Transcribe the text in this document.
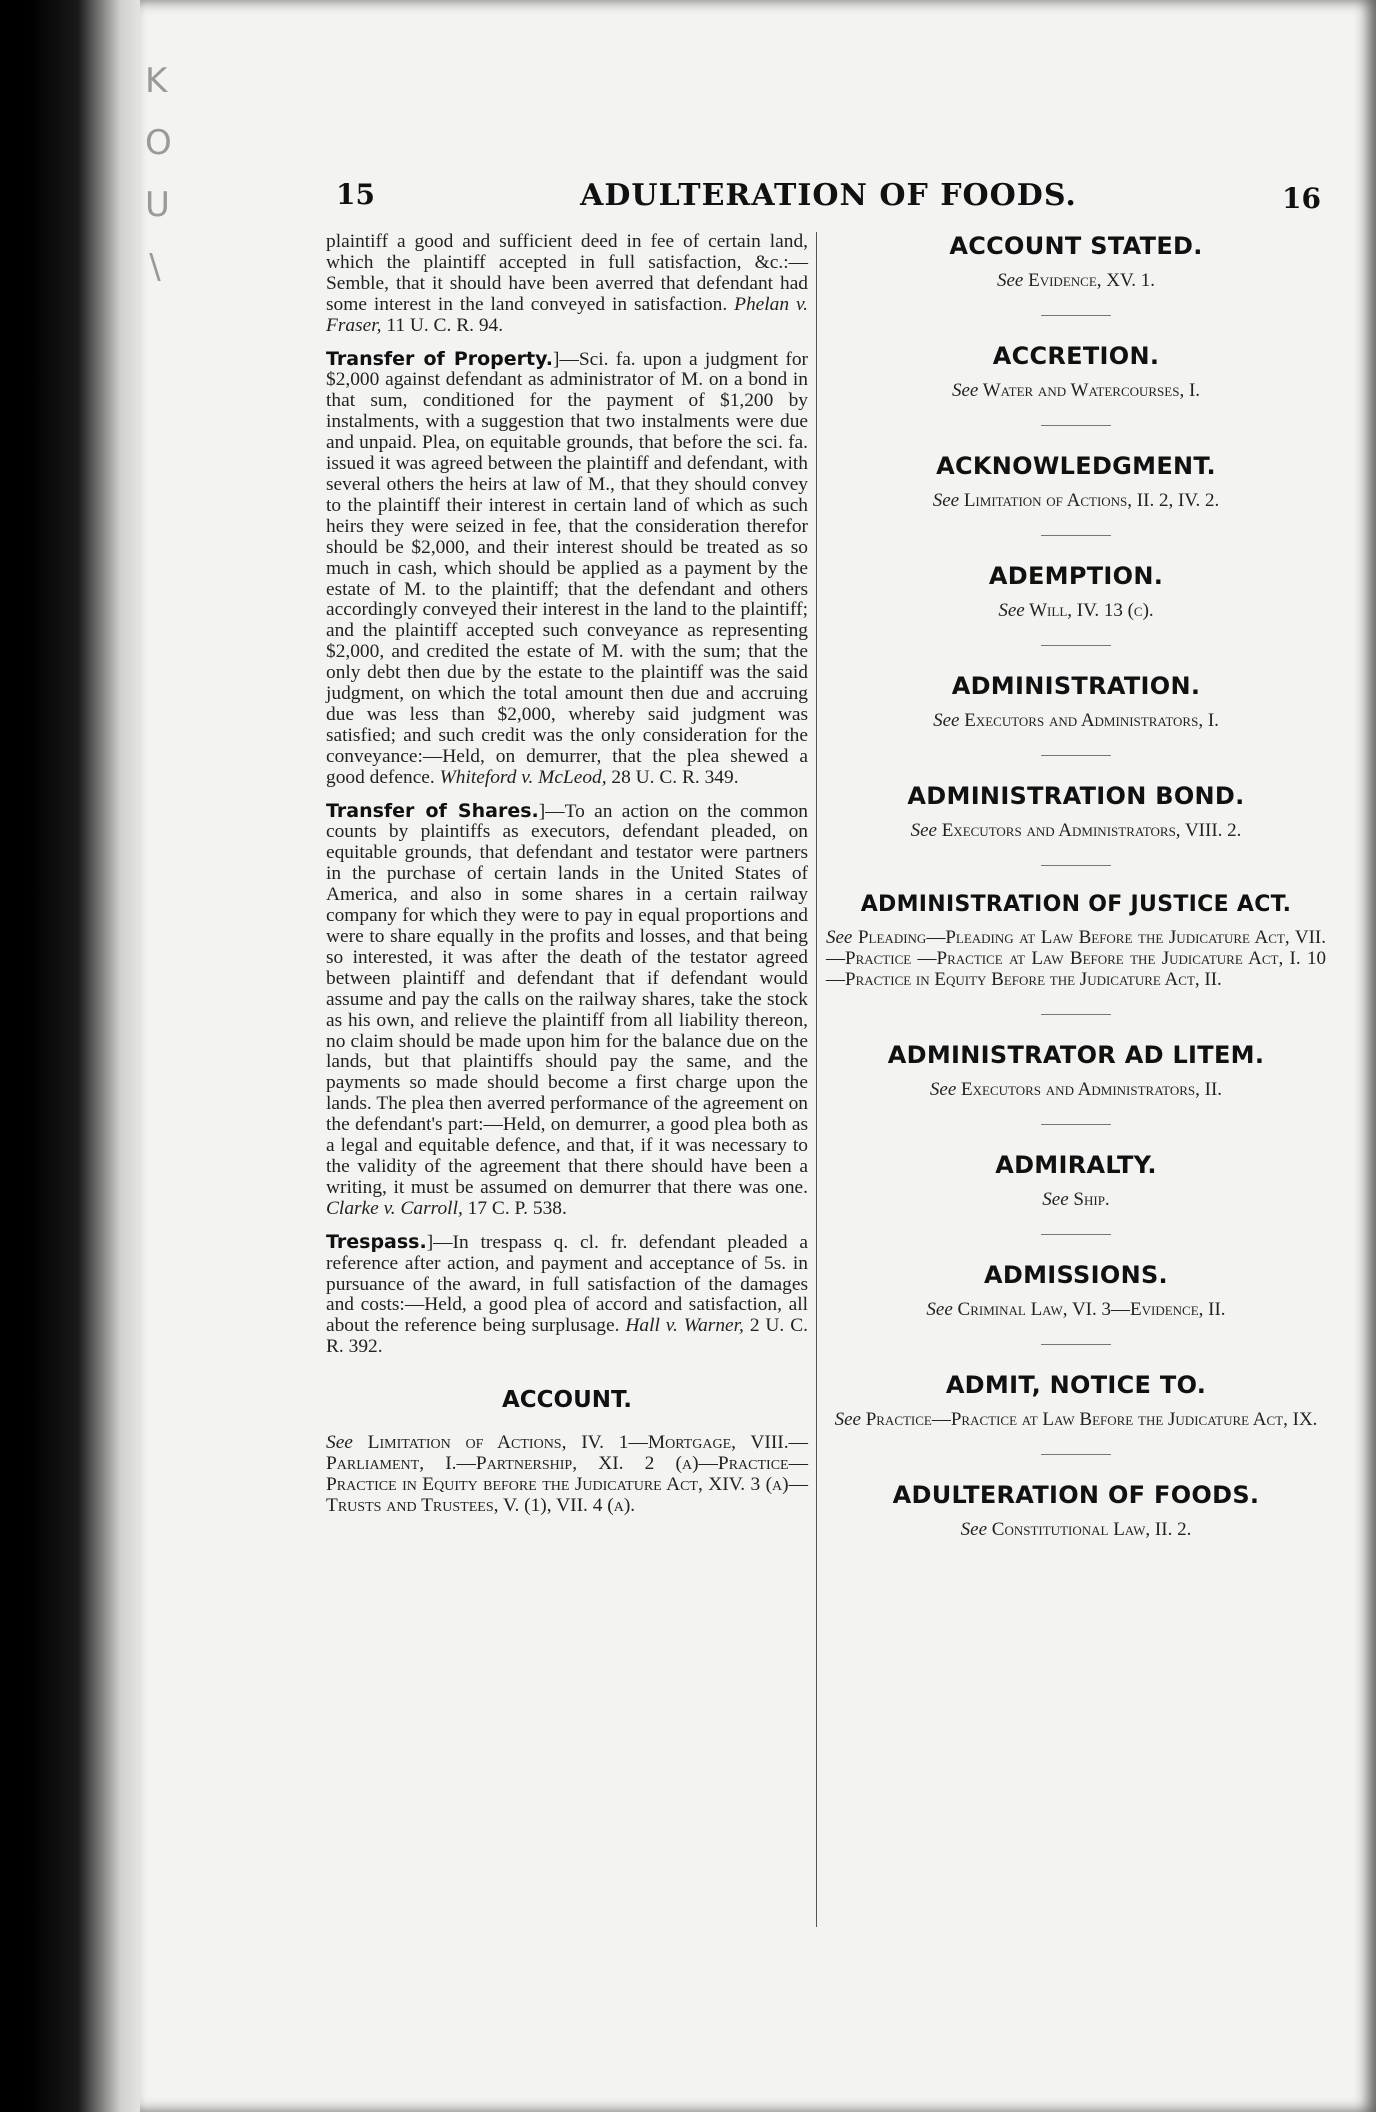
K
O
U
\
15	ADULTERATION OF FOODS.	16

plaintiff a good and sufficient deed in fee of certain land, which the plaintiff accepted in full satisfaction, &c.:—Semble, that it should have been averred that defendant had some interest in the land conveyed in satisfaction. Phelan v. Fraser, 11 U. C. R. 94.

Transfer of Property.]—Sci. fa. upon a judgment for $2,000 against defendant as administrator of M. on a bond in that sum, conditioned for the payment of $1,200 by instalments, with a suggestion that two instalments were due and unpaid. Plea, on equitable grounds, that before the sci. fa. issued it was agreed between the plaintiff and defendant, with several others the heirs at law of M., that they should convey to the plaintiff their interest in certain land of which as such heirs they were seized in fee, that the consideration therefor should be $2,000, and their interest should be treated as so much in cash, which should be applied as a payment by the estate of M. to the plaintiff; that the defendant and others accordingly conveyed their interest in the land to the plaintiff; and the plaintiff accepted such conveyance as representing $2,000, and credited the estate of M. with the sum; that the only debt then due by the estate to the plaintiff was the said judgment, on which the total amount then due and accruing due was less than $2,000, whereby said judgment was satisfied; and such credit was the only consideration for the conveyance:—Held, on demurrer, that the plea shewed a good defence. Whiteford v. McLeod, 28 U. C. R. 349.

Transfer of Shares.]—To an action on the common counts by plaintiffs as executors, defendant pleaded, on equitable grounds, that defendant and testator were partners in the purchase of certain lands in the United States of America, and also in some shares in a certain railway company for which they were to pay in equal proportions and were to share equally in the profits and losses, and that being so interested, it was after the death of the testator agreed between plaintiff and defendant that if defendant would assume and pay the calls on the railway shares, take the stock as his own, and relieve the plaintiff from all liability thereon, no claim should be made upon him for the balance due on the lands, but that plaintiffs should pay the same, and the payments so made should become a first charge upon the lands. The plea then averred performance of the agreement on the defendant's part:—Held, on demurrer, a good plea both as a legal and equitable defence, and that, if it was necessary to the validity of the agreement that there should have been a writing, it must be assumed on demurrer that there was one. Clarke v. Carroll, 17 C. P. 538.

Trespass.]—In trespass q. cl. fr. defendant pleaded a reference after action, and payment and acceptance of 5s. in pursuance of the award, in full satisfaction of the damages and costs:—Held, a good plea of accord and satisfaction, all about the reference being surplusage. Hall v. Warner, 2 U. C. R. 392.

ACCOUNT.

See Limitation of Actions, IV. 1—Mortgage, VIII.—Parliament, I.—Partnership, XI. 2 (a)—Practice—Practice in Equity before the Judicature Act, XIV. 3 (a)—Trusts and Trustees, V. (1), VII. 4 (a).

ACCOUNT STATED.
See Evidence, XV. 1.
ACCRETION.
See Water and Watercourses, I.
ACKNOWLEDGMENT.
See Limitation of Actions, II. 2, IV. 2.
ADEMPTION.
See Will, IV. 13 (c).
ADMINISTRATION.
See Executors and Administrators, I.
ADMINISTRATION BOND.
See Executors and Administrators, VIII. 2.
ADMINISTRATION OF JUSTICE ACT.
See Pleading—Pleading at Law Before the Judicature Act, VII.—Practice —Practice at Law Before the Judicature Act, I. 10—Practice in Equity Before the Judicature Act, II.
ADMINISTRATOR AD LITEM.
See Executors and Administrators, II.
ADMIRALTY.
See Ship.
ADMISSIONS.
See Criminal Law, VI. 3—Evidence, II.
ADMIT, NOTICE TO.
See Practice—Practice at Law Before the Judicature Act, IX.
ADULTERATION OF FOODS.
See Constitutional Law, II. 2.
